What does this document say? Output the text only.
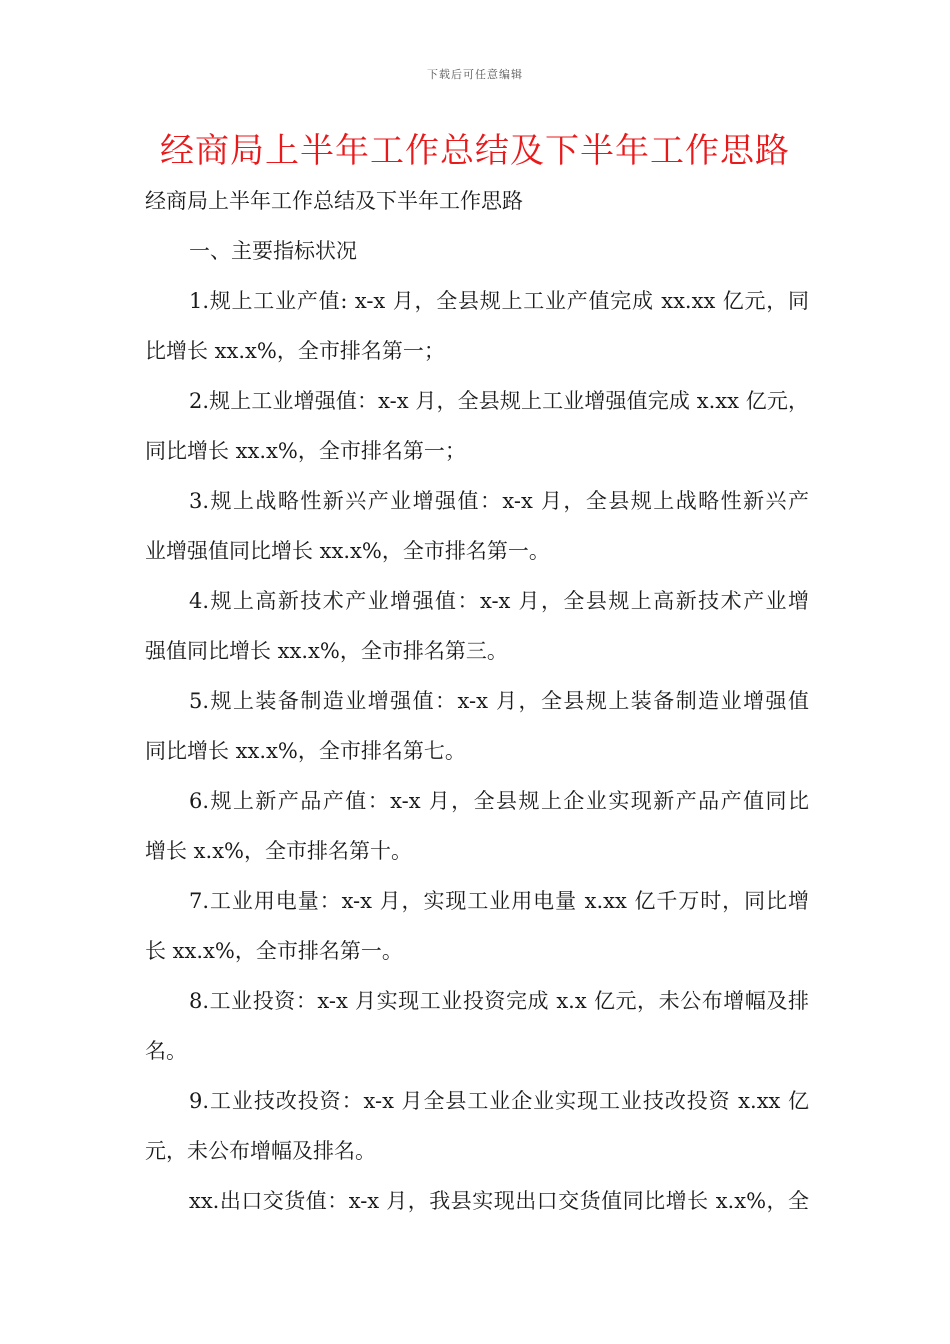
下载后可任意编辑
经商局上半年工作总结及下半年工作思路

经商局上半年工作总结及下半年工作思路

一、主要指标状况

1.规上工业产值: x-x 月，全县规上工业产值完成 xx.xx 亿元，同

比增长 xx.x%，全市排名第一；

2.规上工业增强值：x-x 月，全县规上工业增强值完成 x.xx 亿元，

同比增长 xx.x%，全市排名第一；

3.规上战略性新兴产业增强值：x-x 月，全县规上战略性新兴产

业增强值同比增长 xx.x%，全市排名第一。

4.规上高新技术产业增强值：x-x 月，全县规上高新技术产业增

强值同比增长 xx.x%，全市排名第三。

5.规上装备制造业增强值：x-x 月，全县规上装备制造业增强值

同比增长 xx.x%，全市排名第七。

6.规上新产品产值：x-x 月，全县规上企业实现新产品产值同比

增长 x.x%，全市排名第十。

7.工业用电量：x-x 月，实现工业用电量 x.xx 亿千万时，同比增

长 xx.x%，全市排名第一。

8.工业投资：x-x 月实现工业投资完成 x.x 亿元，未公布增幅及排

名。

9.工业技改投资：x-x 月全县工业企业实现工业技改投资 x.xx 亿

元，未公布增幅及排名。

xx.出口交货值：x-x 月，我县实现出口交货值同比增长 x.x%，全
